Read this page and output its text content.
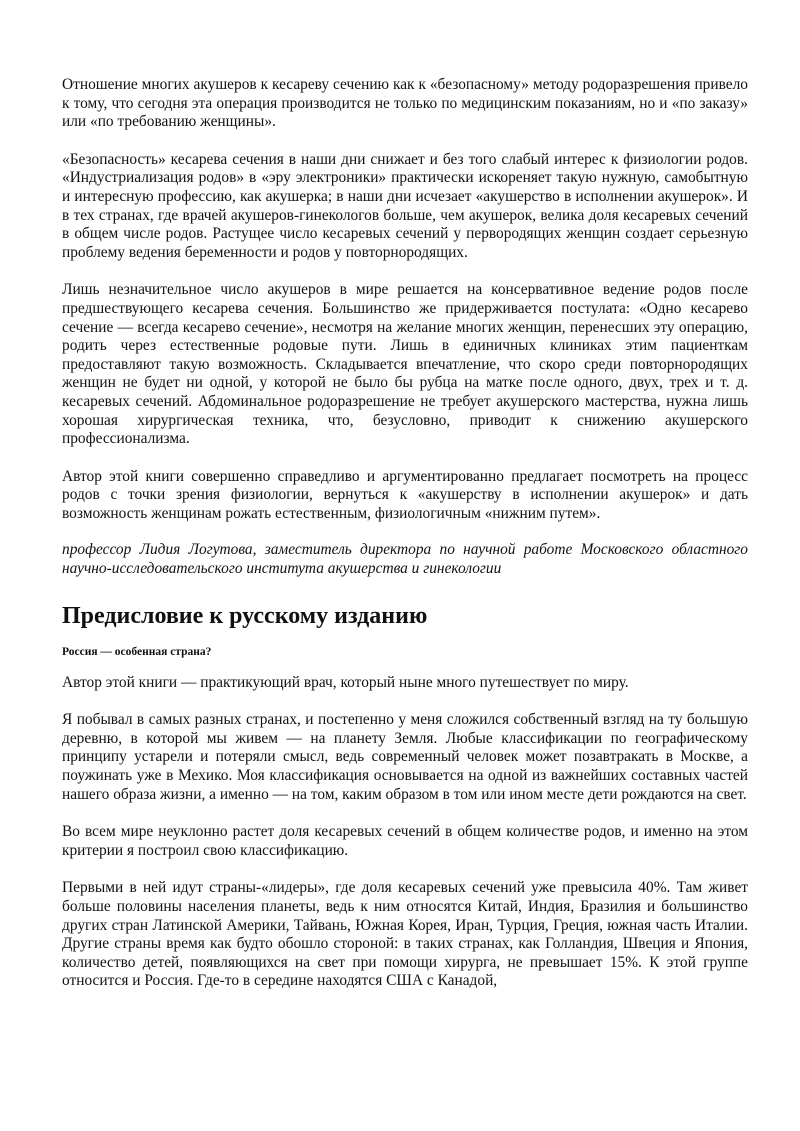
Отношение многих акушеров к кесареву сечению как к «безопасному» методу родоразрешения привело к тому, что сегодня эта операция производится не только по медицинским показаниям, но и «по заказу» или «по требованию женщины».

«Безопасность» кесарева сечения в наши дни снижает и без того слабый интерес к физиологии родов. «Индустриализация родов» в «эру электроники» практически искореняет такую нужную, самобытную и интересную профессию, как акушерка; в наши дни исчезает «акушерство в исполнении акушерок». И в тех странах, где врачей акушеров-гинекологов больше, чем акушерок, велика доля кесаревых сечений в общем числе родов. Растущее число кесаревых сечений у первородящих женщин создает серьезную проблему ведения беременности и родов у повторнородящих.

Лишь незначительное число акушеров в мире решается на консервативное ведение родов после предшествующего кесарева сечения. Большинство же придерживается постулата: «Одно кесарево сечение — всегда кесарево сечение», несмотря на желание многих женщин, перенесших эту операцию, родить через естественные родовые пути. Лишь в единичных клиниках этим пациенткам предоставляют такую возможность. Складывается впечатление, что скоро среди повторнородящих женщин не будет ни одной, у которой не было бы рубца на матке после одного, двух, трех и т. д. кесаревых сечений. Абдоминальное родоразрешение не требует акушерского мастерства, нужна лишь хорошая хирургическая техника, что, безусловно, приводит к снижению акушерского профессионализма.

Автор этой книги совершенно справедливо и аргументированно предлагает посмотреть на процесс родов с точки зрения физиологии, вернуться к «акушерству в исполнении акушерок» и дать возможность женщинам рожать естественным, физиологичным «нижним путем».

профессор Лидия Логутова, заместитель директора по научной работе Московского областного научно-исследовательского института акушерства и гинекологии

Предисловие к русскому изданию
Россия — особенная страна?

Автор этой книги — практикующий врач, который ныне много путешествует по миру.

Я побывал в самых разных странах, и постепенно у меня сложился собственный взгляд на ту большую деревню, в которой мы живем — на планету Земля. Любые классификации по географическому принципу устарели и потеряли смысл, ведь современный человек может позавтракать в Москве, а поужинать уже в Мехико. Моя классификация основывается на одной из важнейших составных частей нашего образа жизни, а именно — на том, каким образом в том или ином месте дети рождаются на свет.

Во всем мире неуклонно растет доля кесаревых сечений в общем количестве родов, и именно на этом критерии я построил свою классификацию.

Первыми в ней идут страны-«лидеры», где доля кесаревых сечений уже превысила 40%. Там живет больше половины населения планеты, ведь к ним относятся Китай, Индия, Бразилия и большинство других стран Латинской Америки, Тайвань, Южная Корея, Иран, Турция, Греция, южная часть Италии. Другие страны время как будто обошло стороной: в таких странах, как Голландия, Швеция и Япония, количество детей, появляющихся на свет при помощи хирурга, не превышает 15%. К этой группе относится и Россия. Где-то в середине находятся США с Канадой,
